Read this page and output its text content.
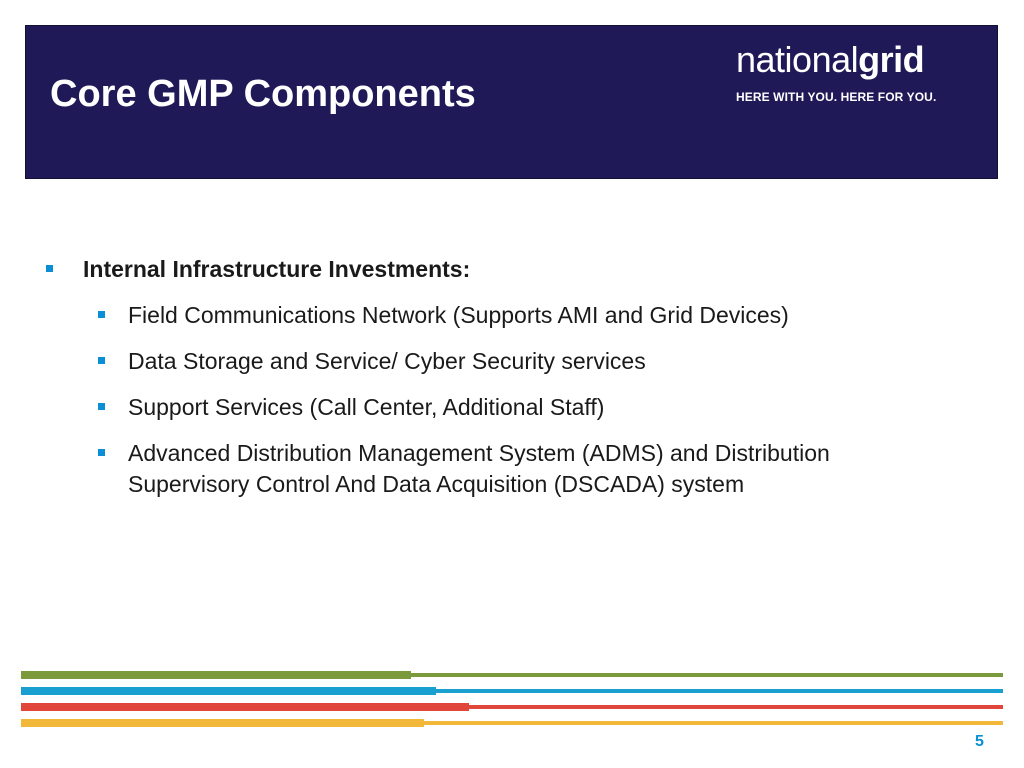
Core GMP Components
nationalgrid
HERE WITH YOU. HERE FOR YOU.
Internal Infrastructure Investments:
Field Communications Network (Supports AMI and Grid Devices)
Data Storage and Service/ Cyber Security services
Support Services (Call Center, Additional Staff)
Advanced Distribution Management System (ADMS) and Distribution
Supervisory Control And Data Acquisition (DSCADA) system
5
